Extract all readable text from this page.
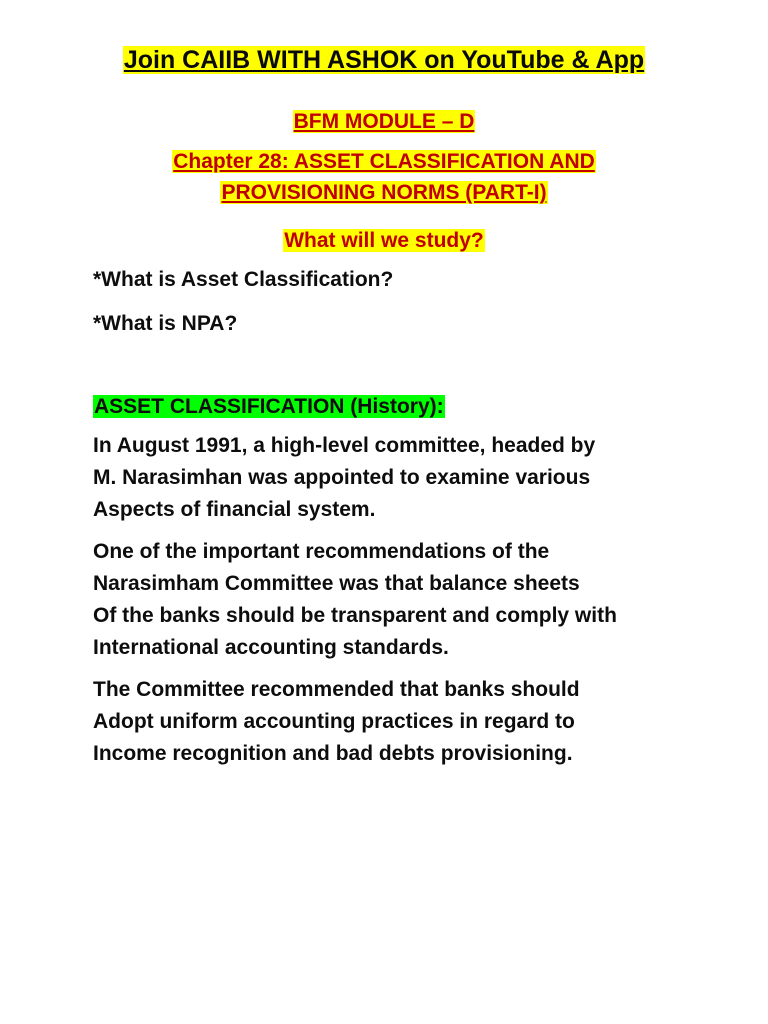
Join CAIIB WITH ASHOK on YouTube & App
BFM MODULE – D
Chapter 28: ASSET CLASSIFICATION AND
PROVISIONING NORMS (PART-I)
What will we study?
*What is Asset Classification?
*What is NPA?
ASSET CLASSIFICATION (History):
In August 1991, a high-level committee, headed by
M. Narasimhan was appointed to examine various
Aspects of financial system.
One of the important recommendations of the
Narasimham Committee was that balance sheets
Of the banks should be transparent and comply with
International accounting standards.
The Committee recommended that banks should
Adopt uniform accounting practices in regard to
Income recognition and bad debts provisioning.
